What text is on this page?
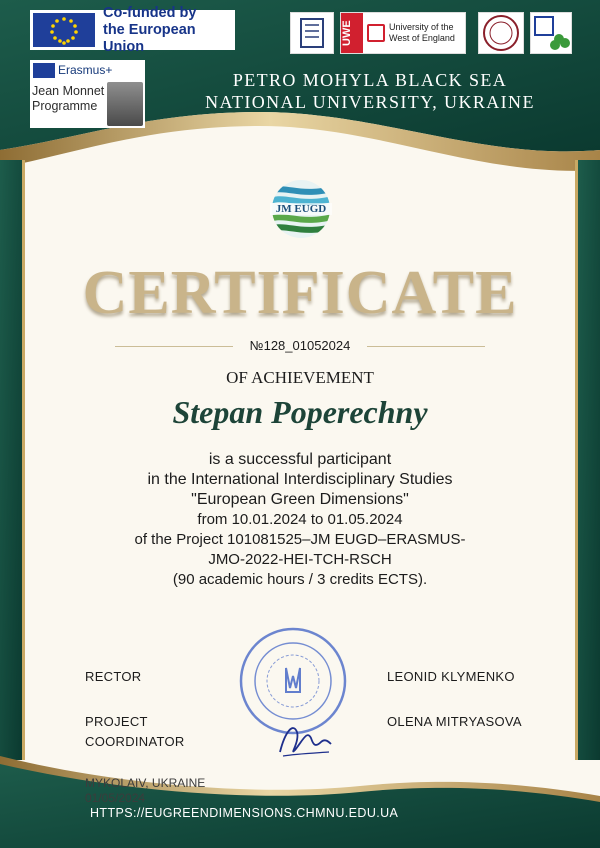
Co-funded by
the European Union
Erasmus+
Jean Monnet
Programme
UWE	University of the
West of England
PETRO MOHYLA BLACK SEA
NATIONAL UNIVERSITY, UKRAINE
JM EUGD
CERTIFICATE
№128_01052024
OF ACHIEVEMENT
Stepan Poperechny
is a successful participant
in the International Interdisciplinary Studies
"European Green Dimensions"
from 10.01.2024 to 01.05.2024
of the Project 101081525–JM EUGD–ERASMUS-
JMO-2022-HEI-TCH-RSCH
(90 academic hours / 3 credits ECTS).
RECTOR	LEONID KLYMENKO
PROJECT
COORDINATOR
OLENA MITRYASOVA
MYKOLAIV, UKRAINE
01/05/2024
HTTPS://EUGREENDIMENSIONS.CHMNU.EDU.UA
